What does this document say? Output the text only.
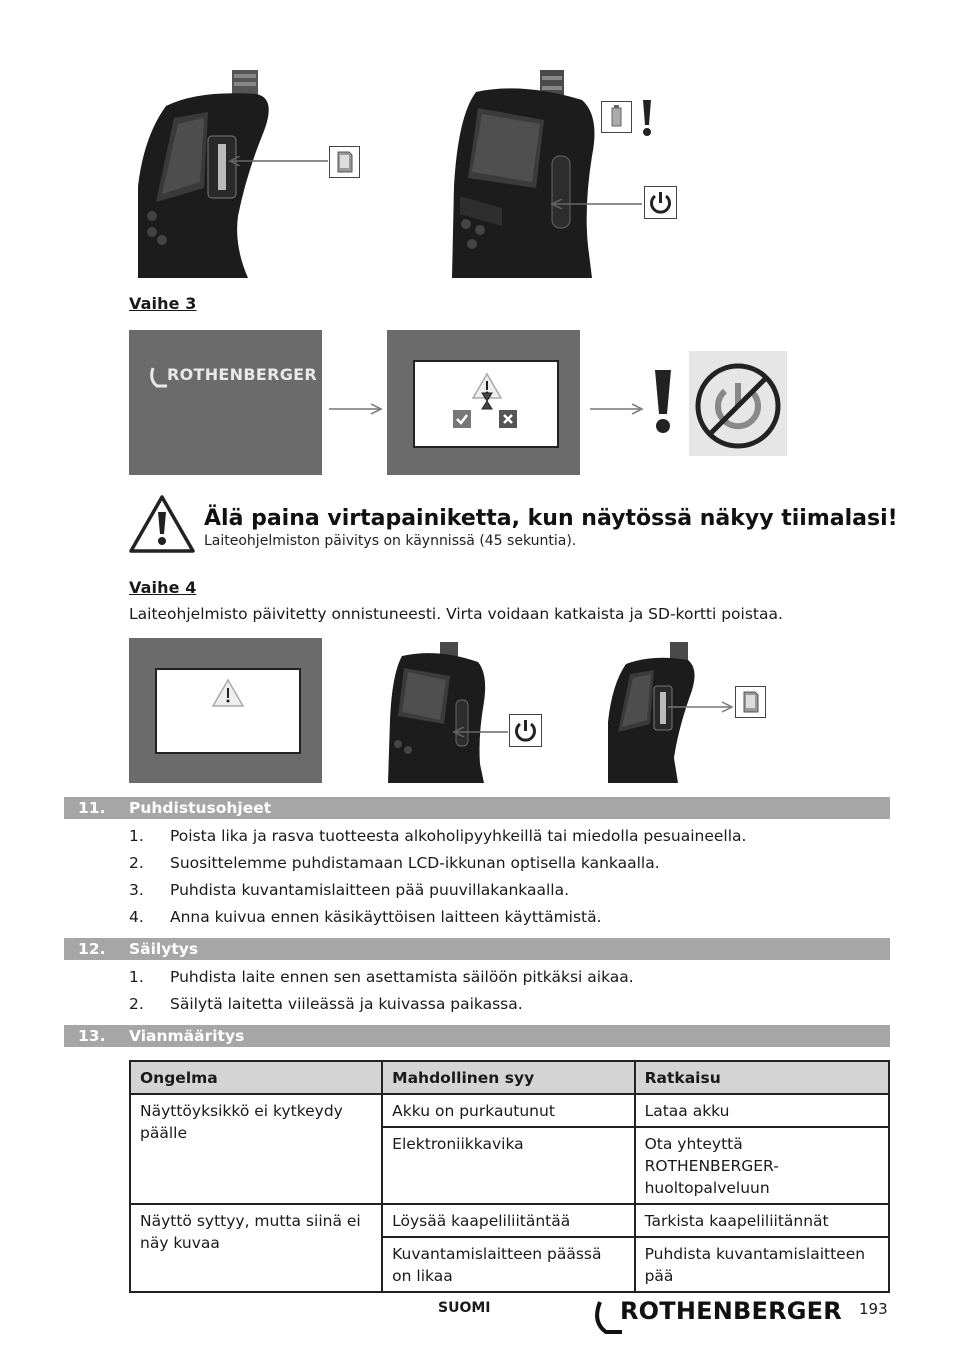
Vaihe 3
ROTHENBERGER
Älä paina virtapainiketta, kun näytössä näkyy tiimalasi!
Laiteohjelmiston päivitys on käynnissä (45 sekuntia).
Vaihe 4
Laiteohjelmisto päivitetty onnistuneesti. Virta voidaan katkaista ja SD-kortti poistaa.
11. Puhdistusohjeet
1. Poista lika ja rasva tuotteesta alkoholipyyhkeillä tai miedolla pesuaineella.
2. Suosittelemme puhdistamaan LCD-ikkunan optisella kankaalla.
3. Puhdista kuvantamislaitteen pää puuvillakankaalla.
4. Anna kuivua ennen käsikäyttöisen laitteen käyttämistä.
12. Säilytys
1. Puhdista laite ennen sen asettamista säilöön pitkäksi aikaa.
2. Säilytä laitetta viileässä ja kuivassa paikassa.
13. Vianmääritys
Ongelma	Mahdollinen syy	Ratkaisu
Näyttöyksikkö ei kytkeydy päälle	Akku on purkautunut	Lataa akku
	Elektroniikkavika	Ota yhteyttä ROTHENBERGER-huoltopalveluun
Näyttö syttyy, mutta siinä ei näy kuvaa	Löysää kaapeliliitäntää	Tarkista kaapeliliitännät
	Kuvantamislaitteen päässä on likaa	Puhdista kuvantamislaitteen pää
SUOMI	ROTHENBERGER 193
